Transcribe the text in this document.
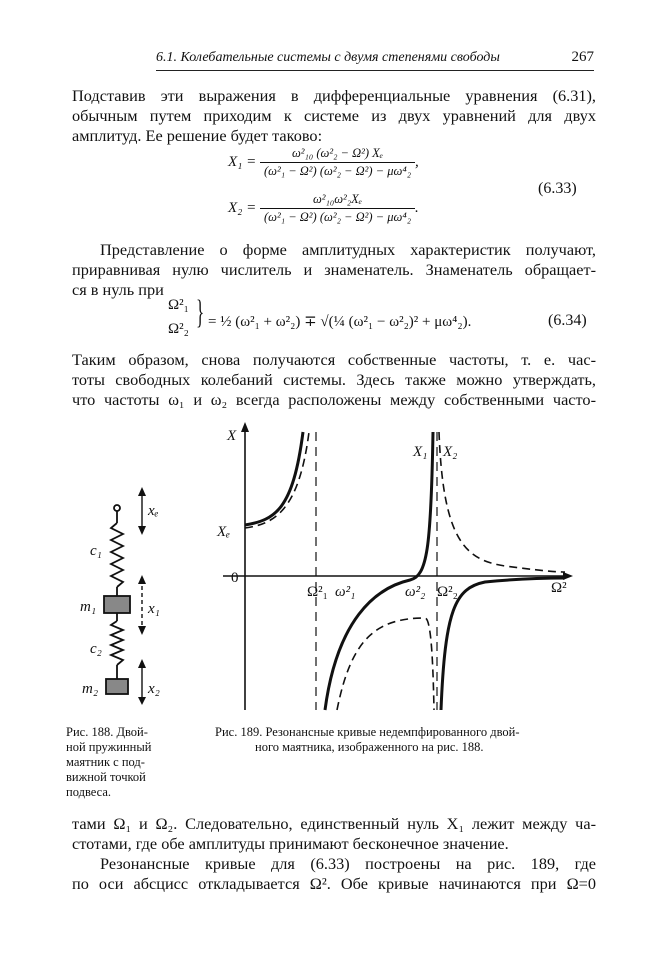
6.1. Колебательные системы с двумя степенями свободы	267
Подставив эти выражения в дифференциальные уравнения (6.31),
обычным путем приходим к системе из двух уравнений для двух
амплитуд. Ее решение будет таково:
$X_1 = \frac{\text{ω²₁₀ (ω²₂ − Ω²) Xₑ}}{\text{(ω²₁ − Ω²) (ω²₂ − Ω²) − μω⁴₂}}$ ,
$X_2 = \frac{\text{ω²₁₀ω²₂Xₑ}}{\text{(ω²₁ − Ω²) (ω²₂ − Ω²) − μω⁴₂}}$ .
(6.33)
Представление о форме амплитудных характеристик получают,
приравнивая нулю числитель и знаменатель. Знаменатель обращает-
ся в нуль при
Ω²₁
Ω²₂ } = ½ (ω²₁ + ω²₂) ∓ √(¼ (ω²₁ − ω²₂)² + μω⁴₂).	(6.34)
Таким образом, снова получаются собственные частоты, т. е. час-
тоты свободных колебаний системы. Здесь также можно утверждать,
что частоты ω₁ и ω₂ всегда расположены между собственными часто-
xₑ
c₁
m₁	x₁
c₂
m₂	x₂
X
Xₑ
0
Ω²
Ω²₁ ω²₁	ω²₂ Ω²₂
X₁ X₂
Рис. 188. Двой-
ной пружинный
маятник с под-
вижной точкой
подвеса.
Рис. 189. Резонансные кривые недемпфированного двой-
ного маятника, изображенного на рис. 188.
тами Ω₁ и Ω₂. Следовательно, единственный нуль X₁ лежит между ча-
стотами, где обе амплитуды принимают бесконечное значение.
Резонансные кривые для (6.33) построены на рис. 189, где
по оси абсцисс откладывается Ω². Обе кривые начинаются при Ω=0
